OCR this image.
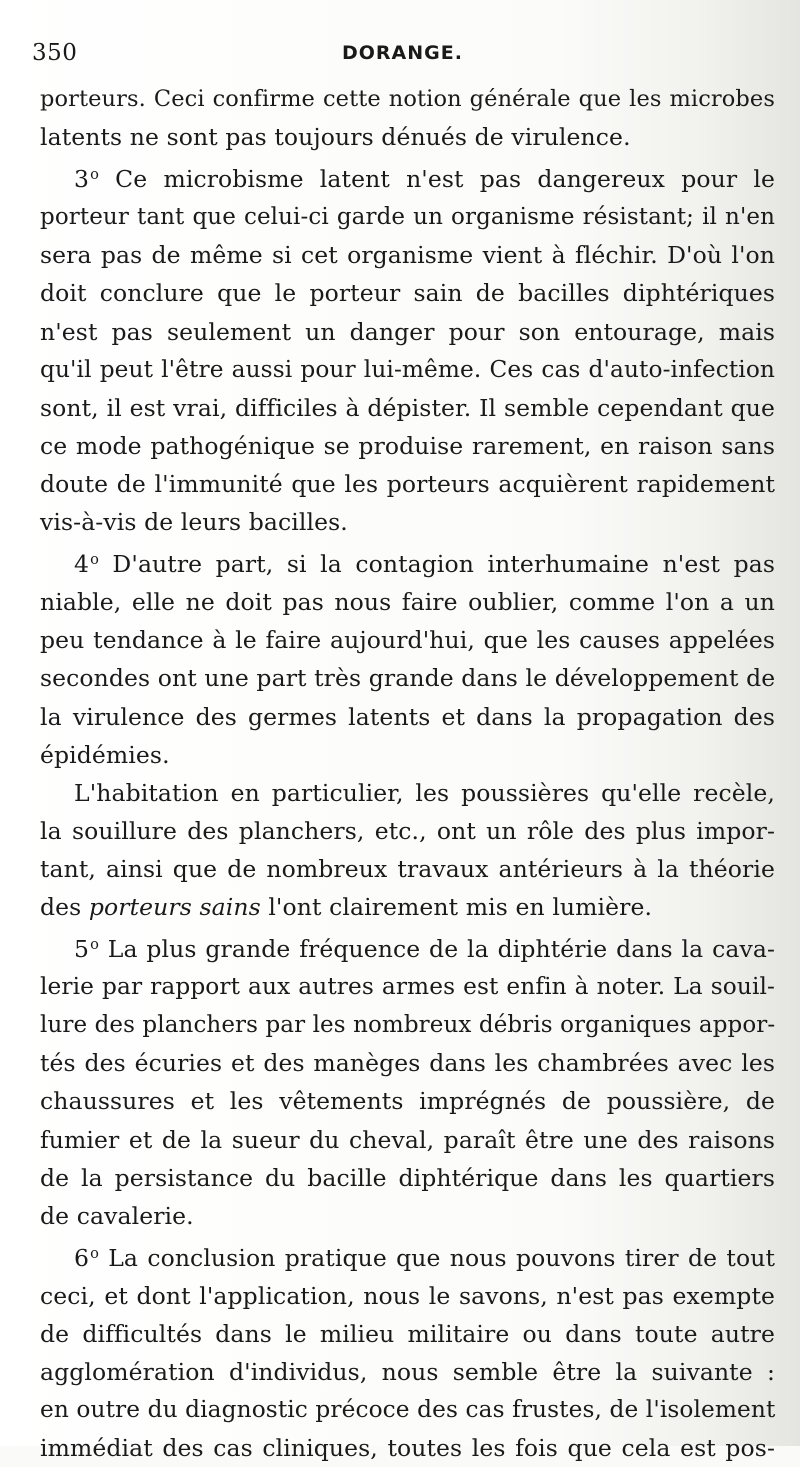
350	DORANGE.
porteurs. Ceci confirme cette notion générale que les microbes
latents ne sont pas toujours dénués de virulence.
3$^o$ Ce microbisme latent n'est pas dangereux pour le
porteur tant que celui-ci garde un organisme résistant; il n'en
sera pas de même si cet organisme vient à fléchir. D'où l'on
doit conclure que le porteur sain de bacilles diphtériques
n'est pas seulement un danger pour son entourage, mais
qu'il peut l'être aussi pour lui-même. Ces cas d'auto-infection
sont, il est vrai, difficiles à dépister. Il semble cependant que
ce mode pathogénique se produise rarement, en raison sans
doute de l'immunité que les porteurs acquièrent rapidement
vis-à-vis de leurs bacilles.
4$^o$ D'autre part, si la contagion interhumaine n'est pas
niable, elle ne doit pas nous faire oublier, comme l'on a un
peu tendance à le faire aujourd'hui, que les causes appelées
secondes ont une part très grande dans le développement de
la virulence des germes latents et dans la propagation des
épidémies.
L'habitation en particulier, les poussières qu'elle recèle,
la souillure des planchers, etc., ont un rôle des plus impor-
tant, ainsi que de nombreux travaux antérieurs à la théorie
des porteurs sains l'ont clairement mis en lumière.
5$^o$ La plus grande fréquence de la diphtérie dans la cava-
lerie par rapport aux autres armes est enfin à noter. La souil-
lure des planchers par les nombreux débris organiques appor-
tés des écuries et des manèges dans les chambrées avec les
chaussures et les vêtements imprégnés de poussière, de
fumier et de la sueur du cheval, paraît être une des raisons
de la persistance du bacille diphtérique dans les quartiers
de cavalerie.
6$^o$ La conclusion pratique que nous pouvons tirer de tout
ceci, et dont l'application, nous le savons, n'est pas exempte
de difficultés dans le milieu militaire ou dans toute autre
agglomération d'individus, nous semble être la suivante :
en outre du diagnostic précoce des cas frustes, de l'isolement
immédiat des cas cliniques, toutes les fois que cela est pos-
